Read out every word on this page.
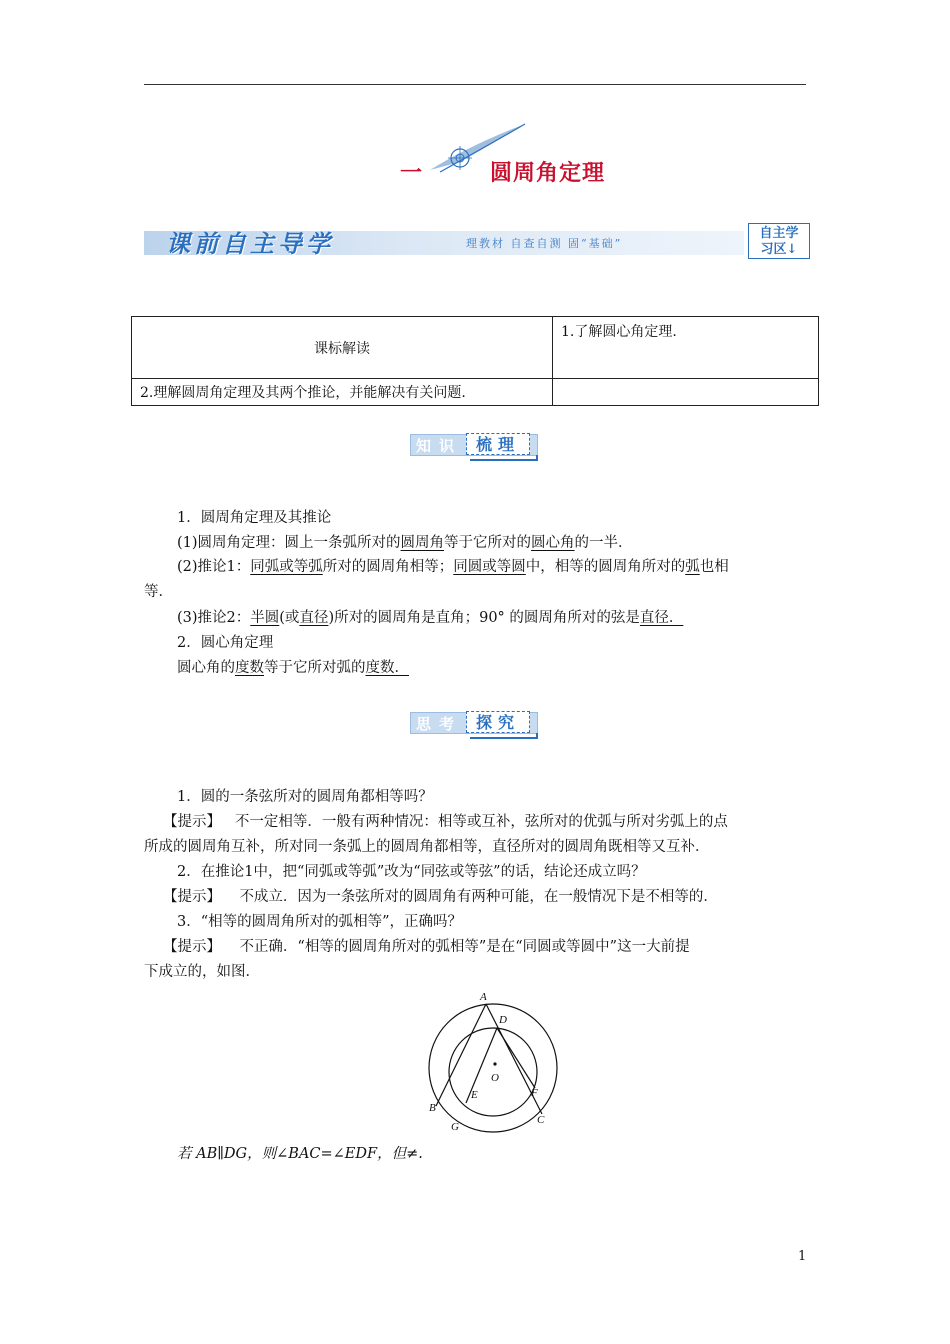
一	圆周角定理
课前自主导学	理教材 自查自测 固“基础”
自主学
习区↓
课标解读	1.了解圆心角定理.
2.理解圆周角定理及其两个推论，并能解决有关问题.	
知识 梳理
1．圆周角定理及其推论
(1)圆周角定理：圆上一条弧所对的圆周角等于它所对的圆心角的一半．
(2)推论1：同弧或等弧所对的圆周角相等；同圆或等圆中，相等的圆周角所对的弧也相
等．
(3)推论2：半圆(或直径)所对的圆周角是直角；90° 的圆周角所对的弦是直径．
2．圆心角定理
圆心角的度数等于它所对弧的度数．
思考 探究
1．圆的一条弦所对的圆周角都相等吗？
【提示】 不一定相等．一般有两种情况：相等或互补，弦所对的优弧与所对劣弧上的点
所成的圆周角互补，所对同一条弧上的圆周角都相等，直径所对的圆周角既相等又互补．
2．在推论1中，把“同弧或等弧”改为“同弦或等弦”的话，结论还成立吗？
【提示】 不成立．因为一条弦所对的圆周角有两种可能，在一般情况下是不相等的．
3．“相等的圆周角所对的弧相等”，正确吗？
【提示】 不正确．“相等的圆周角所对的弧相等”是在“同圆或等圆中”这一大前提
下成立的，如图．
A
D
O
B
E	F
C
G
若 AB∥DG，则∠BAC=∠EDF，但≠.
1
